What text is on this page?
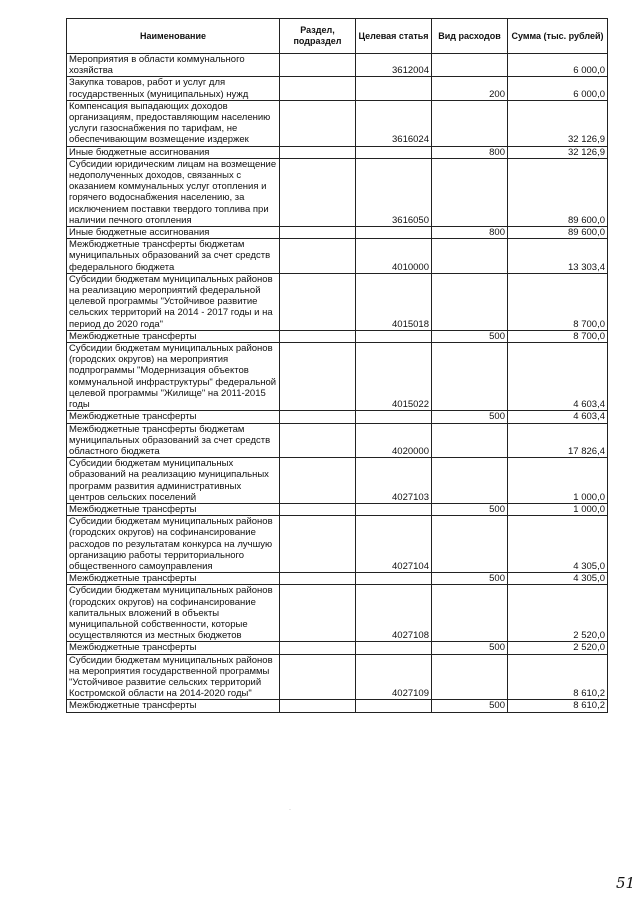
Наименование	Раздел, подраздел	Целевая статья	Вид расходов	Сумма (тыс. рублей)
Мероприятия в области коммунального хозяйства		3612004		6 000,0
Закупка товаров, работ и услуг для государственных (муниципальных) нужд			200	6 000,0
Компенсация выпадающих доходов организациям, предоставляющим населению услуги газоснабжения по тарифам, не обеспечивающим возмещение издержек		3616024		32 126,9
Иные бюджетные ассигнования			800	32 126,9
Субсидии юридическим лицам на возмещение недополученных доходов, связанных с оказанием коммунальных услуг отопления и горячего водоснабжения населению, за исключением поставки твердого топлива при наличии печного отопления		3616050		89 600,0
Иные бюджетные ассигнования			800	89 600,0
Межбюджетные трансферты бюджетам муниципальных образований за счет средств федерального бюджета		4010000		13 303,4
Субсидии бюджетам муниципальных районов на реализацию мероприятий федеральной целевой программы "Устойчивое развитие сельских территорий на 2014 - 2017 годы и на период до 2020 года"		4015018		8 700,0
Межбюджетные трансферты			500	8 700,0
Субсидии бюджетам муниципальных районов (городских округов) на мероприятия подпрограммы "Модернизация объектов коммунальной инфраструктуры" федеральной целевой программы "Жилище" на 2011-2015 годы		4015022		4 603,4
Межбюджетные трансферты			500	4 603,4
Межбюджетные трансферты бюджетам муниципальных образований за счет средств областного бюджета		4020000		17 826,4
Субсидии бюджетам муниципальных образований на реализацию муниципальных программ развития административных центров сельских поселений		4027103		1 000,0
Межбюджетные трансферты			500	1 000,0
Субсидии бюджетам муниципальных районов (городских округов) на софинансирование расходов по результатам конкурса на лучшую организацию работы территориального общественного самоуправления		4027104		4 305,0
Межбюджетные трансферты			500	4 305,0
Субсидии бюджетам муниципальных районов (городских округов) на софинансирование капитальных вложений в объекты муниципальной собственности, которые осуществляются из местных бюджетов		4027108		2 520,0
Межбюджетные трансферты			500	2 520,0
Субсидии бюджетам муниципальных районов на мероприятия государственной программы "Устойчивое развитие сельских территорий Костромской области на 2014-2020 годы"		4027109		8 610,2
Межбюджетные трансферты			500	8 610,2
·
51
